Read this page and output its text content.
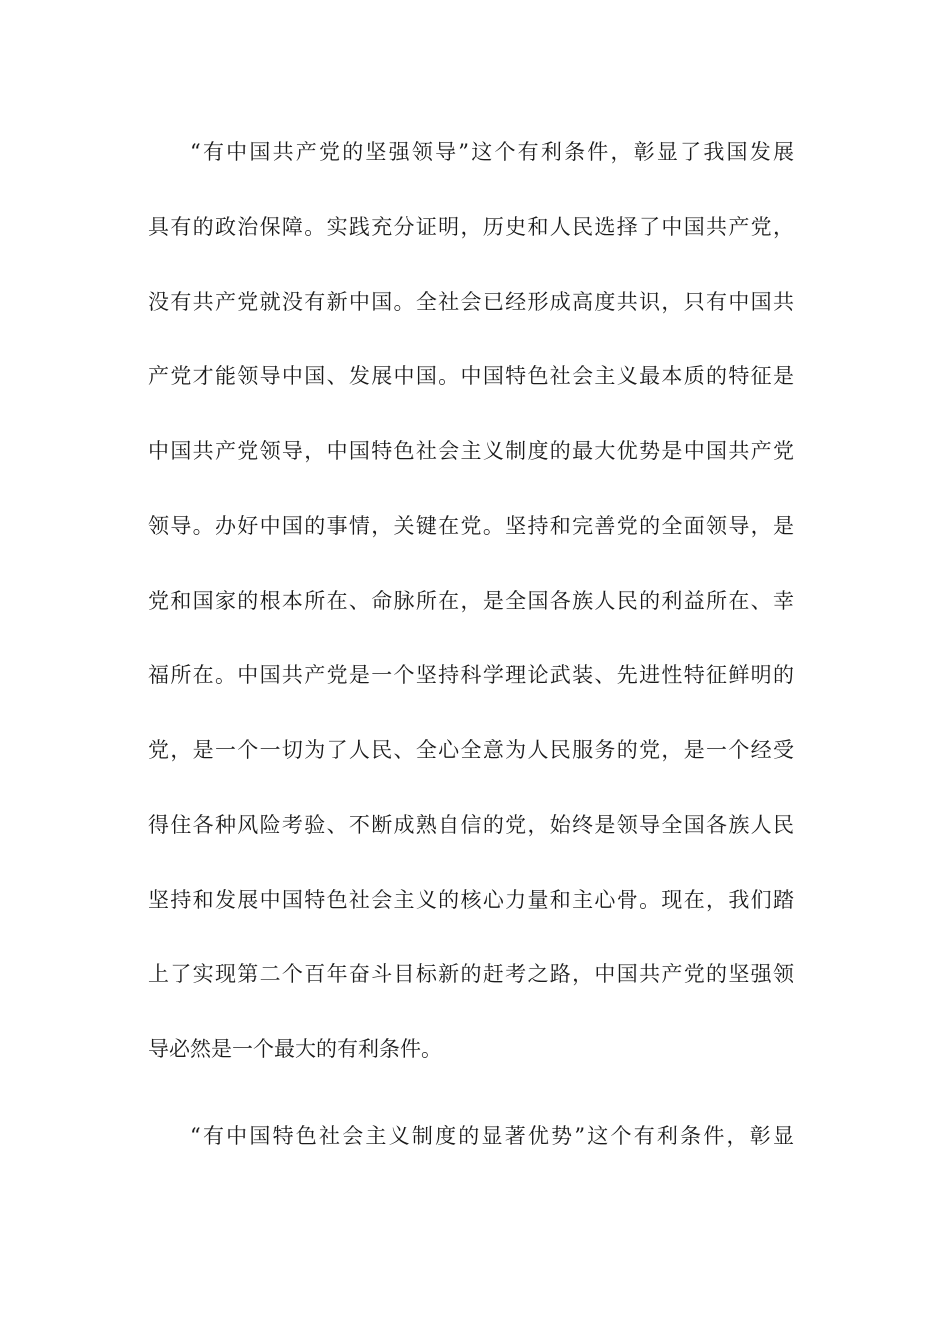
“有中国共产党的坚强领导”这个有利条件，彰显了我国发展
具有的政治保障。实践充分证明，历史和人民选择了中国共产党，
没有共产党就没有新中国。全社会已经形成高度共识，只有中国共
产党才能领导中国、发展中国。中国特色社会主义最本质的特征是
中国共产党领导，中国特色社会主义制度的最大优势是中国共产党
领导。办好中国的事情，关键在党。坚持和完善党的全面领导，是
党和国家的根本所在、命脉所在，是全国各族人民的利益所在、幸
福所在。中国共产党是一个坚持科学理论武装、先进性特征鲜明的
党，是一个一切为了人民、全心全意为人民服务的党，是一个经受
得住各种风险考验、不断成熟自信的党，始终是领导全国各族人民
坚持和发展中国特色社会主义的核心力量和主心骨。现在，我们踏
上了实现第二个百年奋斗目标新的赶考之路，中国共产党的坚强领
导必然是一个最大的有利条件。
“有中国特色社会主义制度的显著优势”这个有利条件，彰显
